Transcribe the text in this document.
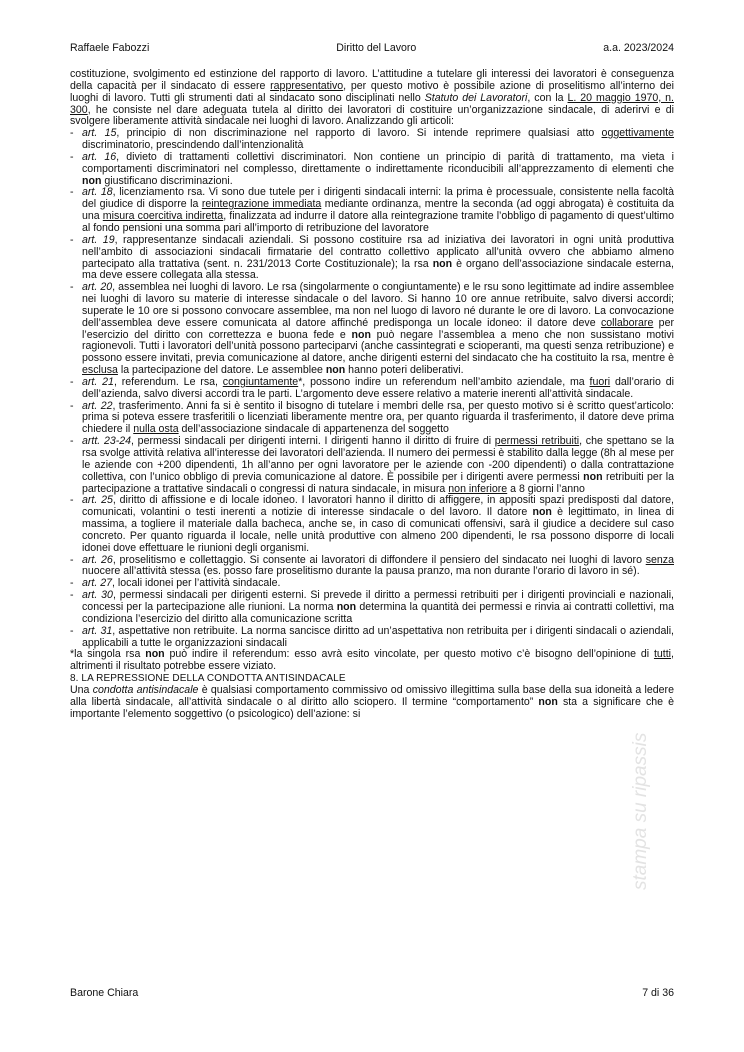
Raffaele Fabozzi	Diritto del Lavoro	a.a. 2023/2024

costituzione, svolgimento ed estinzione del rapporto di lavoro. L’attitudine a tutelare gli interessi dei lavoratori è conseguenza della capacità per il sindacato di essere rappresentativo, per questo motivo è possibile azione di proselitismo all’interno dei luoghi di lavoro. Tutti gli strumenti dati al sindacato sono disciplinati nello Statuto dei Lavoratori, con la L. 20 maggio 1970, n. 300, he consiste nel dare adeguata tutela al diritto dei lavoratori di costituire un’organizzazione sindacale, di aderirvi e di svolgere liberamente attività sindacale nei luoghi di lavoro. Analizzando gli articoli:

- art. 15, principio di non discriminazione nel rapporto di lavoro. Si intende reprimere qualsiasi atto oggettivamente discriminatorio, prescindendo dall’intenzionalità
- art. 16, divieto di trattamenti collettivi discriminatori. Non contiene un principio di parità di trattamento, ma vieta i comportamenti discriminatori nel complesso, direttamente o indirettamente riconducibili all’apprezzamento di elementi che non giustificano discriminazioni.
- art. 18, licenziamento rsa. Vi sono due tutele per i dirigenti sindacali interni: la prima è processuale, consistente nella facoltà del giudice di disporre la reintegrazione immediata mediante ordinanza, mentre la seconda (ad oggi abrogata) è costituita da una misura coercitiva indiretta, finalizzata ad indurre il datore alla reintegrazione tramite l’obbligo di pagamento di quest’ultimo al fondo pensioni una somma pari all’importo di retribuzione del lavoratore
- art. 19, rappresentanze sindacali aziendali. Si possono costituire rsa ad iniziativa dei lavoratori in ogni unità produttiva nell’ambito di associazioni sindacali firmatarie del contratto collettivo applicato all’unità ovvero che abbiamo almeno partecipato alla trattativa (sent. n. 231/2013 Corte Costituzionale); la rsa non è organo dell’associazione sindacale esterna, ma deve essere collegata alla stessa.
- art. 20, assemblea nei luoghi di lavoro. Le rsa (singolarmente o congiuntamente) e le rsu sono legittimate ad indire assemblee nei luoghi di lavoro su materie di interesse sindacale o del lavoro. Si hanno 10 ore annue retribuite, salvo diversi accordi; superate le 10 ore si possono convocare assemblee, ma non nel luogo di lavoro né durante le ore di lavoro. La convocazione dell’assemblea deve essere comunicata al datore affinché predisponga un locale idoneo: il datore deve collaborare per l’esercizio del diritto con correttezza e buona fede e non può negare l’assemblea a meno che non sussistano motivi ragionevoli. Tutti i lavoratori dell’unità possono parteciparvi (anche cassintegrati e scioperanti, ma questi senza retribuzione) e possono essere invitati, previa comunicazione al datore, anche dirigenti esterni del sindacato che ha costituito la rsa, mentre è esclusa la partecipazione del datore. Le assemblee non hanno poteri deliberativi.
- art. 21, referendum. Le rsa, congiuntamente*, possono indire un referendum nell’ambito aziendale, ma fuori dall’orario di dell’azienda, salvo diversi accordi tra le parti. L’argomento deve essere relativo a materie inerenti all’attività sindacale.
- art. 22, trasferimento. Anni fa si è sentito il bisogno di tutelare i membri delle rsa, per questo motivo si è scritto quest’articolo: prima si poteva essere trasferitili o licenziati liberamente mentre ora, per quanto riguarda il trasferimento, il datore deve prima chiedere il nulla osta dell’associazione sindacale di appartenenza del soggetto
- artt. 23-24, permessi sindacali per dirigenti interni. I dirigenti hanno il diritto di fruire di permessi retribuiti, che spettano se la rsa svolge attività relativa all’interesse dei lavoratori dell’azienda. Il numero dei permessi è stabilito dalla legge (8h al mese per le aziende con +200 dipendenti, 1h all’anno per ogni lavoratore per le aziende con -200 dipendenti) o dalla contrattazione collettiva, con l’unico obbligo di previa comunicazione al datore. È possibile per i dirigenti avere permessi non retribuiti per la partecipazione a trattative sindacali o congressi di natura sindacale, in misura non inferiore a 8 giorni l’anno
- art. 25, diritto di affissione e di locale idoneo. I lavoratori hanno il diritto di affiggere, in appositi spazi predisposti dal datore, comunicati, volantini o testi inerenti a notizie di interesse sindacale o del lavoro. Il datore non è legittimato, in linea di massima, a togliere il materiale dalla bacheca, anche se, in caso di comunicati offensivi, sarà il giudice a decidere sul caso concreto. Per quanto riguarda il locale, nelle unità produttive con almeno 200 dipendenti, le rsa possono disporre di locali idonei dove effettuare le riunioni degli organismi.
- art. 26, proselitismo e collettaggio. Si consente ai lavoratori di diffondere il pensiero del sindacato nei luoghi di lavoro senza nuocere all’attività stessa (es. posso fare proselitismo durante la pausa pranzo, ma non durante l’orario di lavoro in sé).
- art. 27, locali idonei per l’attività sindacale.
- art. 30, permessi sindacali per dirigenti esterni. Si prevede il diritto a permessi retribuiti per i dirigenti provinciali e nazionali, concessi per la partecipazione alle riunioni. La norma non determina la quantità dei permessi e rinvia ai contratti collettivi, ma condiziona l’esercizio del diritto alla comunicazione scritta
- art. 31, aspettative non retribuite. La norma sancisce diritto ad un’aspettativa non retribuita per i dirigenti sindacali o aziendali, applicabili a tutte le organizzazioni sindacali

*la singola rsa non può indire il referendum: esso avrà esito vincolate, per questo motivo c’è bisogno dell’opinione di tutti, altrimenti il risultato potrebbe essere viziato.

8. LA REPRESSIONE DELLA CONDOTTA ANTISINDACALE

Una condotta antisindacale è qualsiasi comportamento commissivo od omissivo illegittima sulla base della sua idoneità a ledere alla libertà sindacale, all’attività sindacale o al diritto allo sciopero. Il termine “comportamento” non sta a significare che è importante l’elemento soggettivo (o psicologico) dell’azione: si

stampa su ripassis
Barone Chiara	7 di 36
